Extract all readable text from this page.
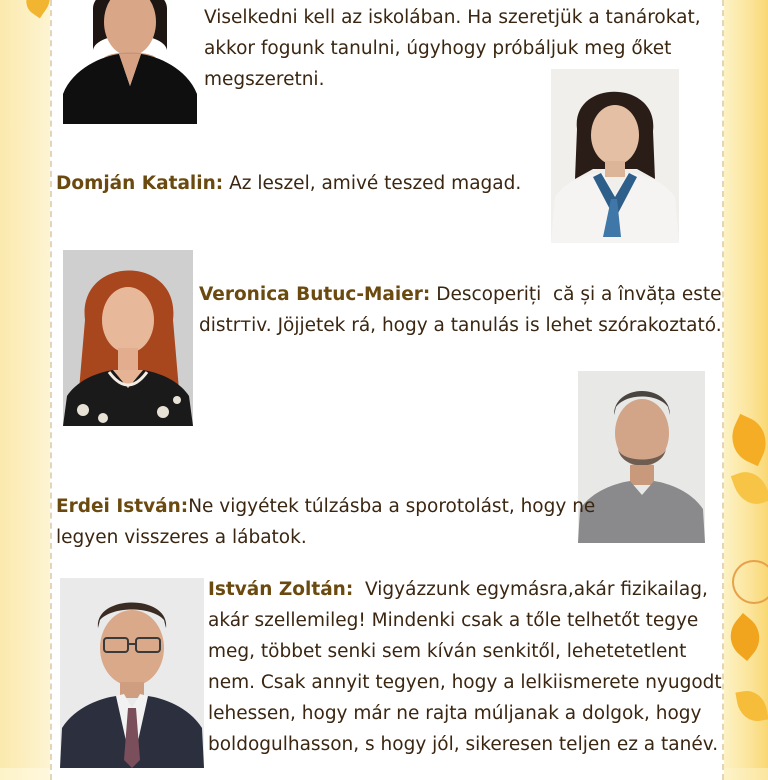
Viselkedni kell az iskolában. Ha szeretjük a tanárokat,
akkor fogunk tanulni, úgyhogy próbáljuk meg őket
megszeretni.
Domján Katalin: Az leszel, amivé teszed magad.
Veronica Butuc-Maier: Descoperiți  că și a învăța este
distrтiv. Jöjjetek rá, hogy a tanulás is lehet szórakoztató.
Erdei István:Ne vigyétek túlzásba a sporotolást, hogy ne
legyen visszeres a lábatok.
István Zoltán:  Vigyázzunk egymásra,akár fizikailag,
akár szellemileg! Mindenki csak a tőle telhetőt tegye
meg, többet senki sem kíván senkitől, lehetetetlent
nem. Csak annyit tegyen, hogy a lelkiismerete nyugodt
lehessen, hogy már ne rajta múljanak a dolgok, hogy
boldogulhasson, s hogy jól, sikeresen teljen ez a tanév.
